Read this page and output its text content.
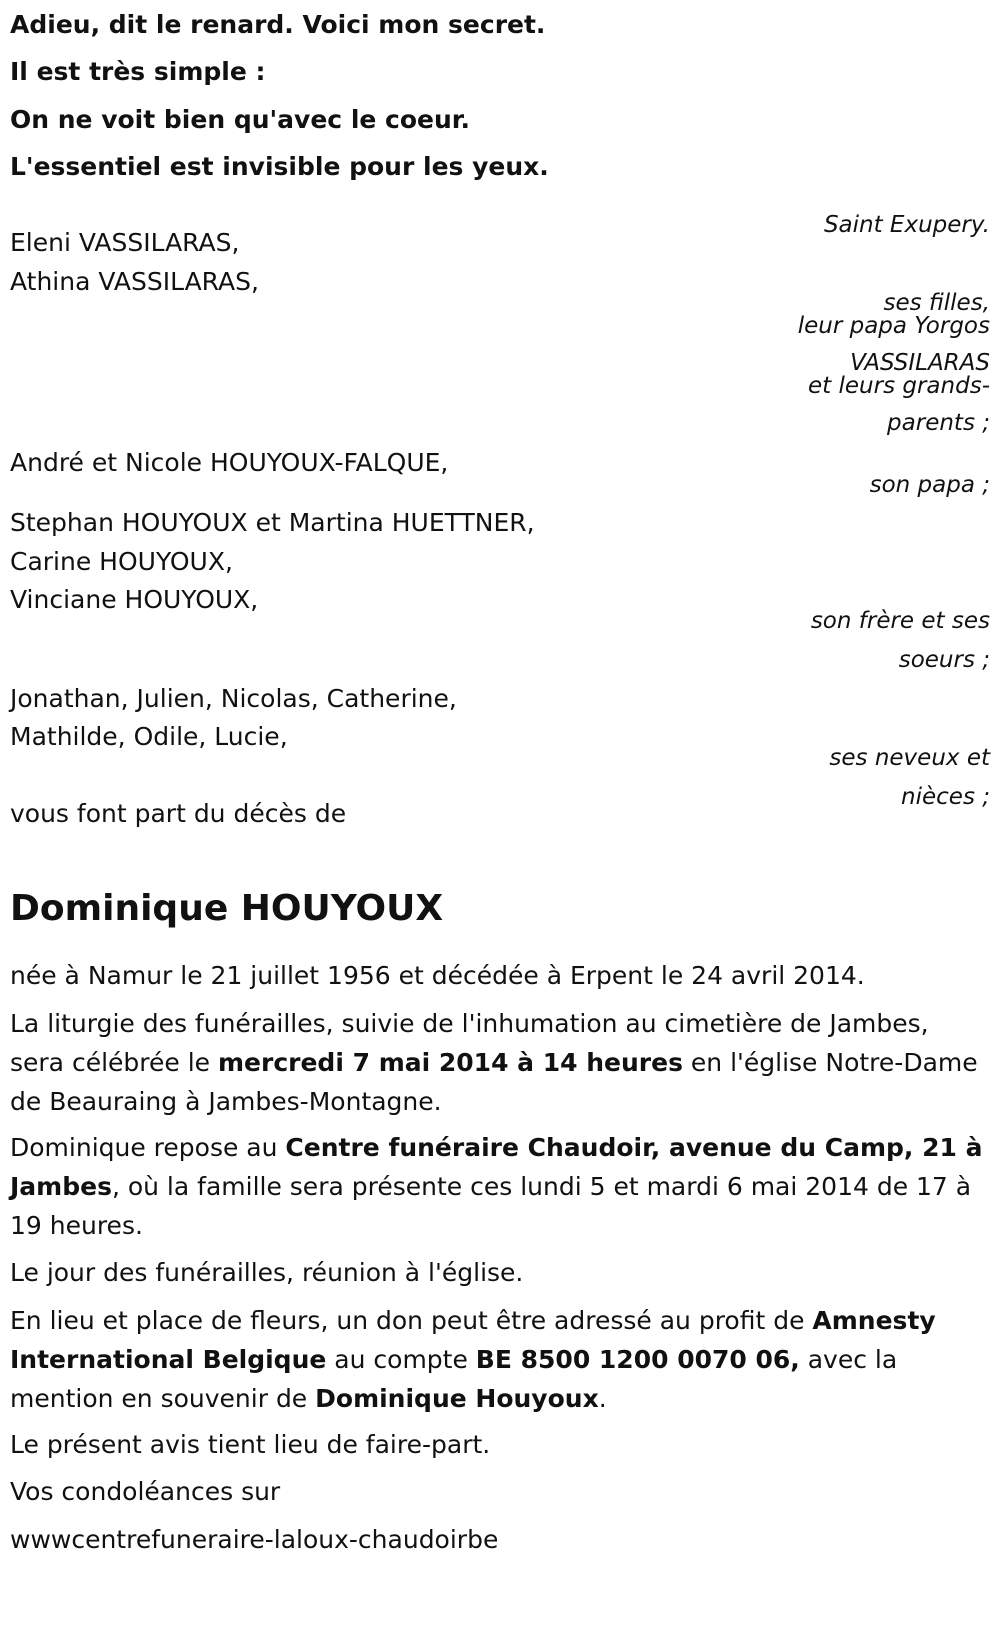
Adieu, dit le renard. Voici mon secret.
Il est très simple :
On ne voit bien qu'avec le coeur.
L'essentiel est invisible pour les yeux.
Saint Exupery.
Eleni VASSILARAS,
Athina VASSILARAS,
ses filles,
leur papa Yorgos
VASSILARAS
et leurs grands-
parents ;
André et Nicole HOUYOUX-FALQUE,
son papa ;
Stephan HOUYOUX et Martina HUETTNER,
Carine HOUYOUX,
Vinciane HOUYOUX,
son frère et ses
soeurs ;
Jonathan, Julien, Nicolas, Catherine,
Mathilde, Odile, Lucie,
ses neveux et
nièces ;
vous font part du décès de
Dominique HOUYOUX
née à Namur le 21 juillet 1956 et décédée à Erpent le 24 avril 2014.
La liturgie des funérailles, suivie de l'inhumation au cimetière de Jambes, sera célébrée le mercredi 7 mai 2014 à 14 heures en l'église Notre-Dame de Beauraing à Jambes-Montagne.
Dominique repose au Centre funéraire Chaudoir, avenue du Camp, 21 à Jambes, où la famille sera présente ces lundi 5 et mardi 6 mai 2014 de 17 à 19 heures.
Le jour des funérailles, réunion à l'église.
En lieu et place de fleurs, un don peut être adressé au profit de Amnesty International Belgique au compte BE 8500 1200 0070 06, avec la mention en souvenir de Dominique Houyoux.
Le présent avis tient lieu de faire-part.
Vos condoléances sur
wwwcentrefuneraire-laloux-chaudoirbe
